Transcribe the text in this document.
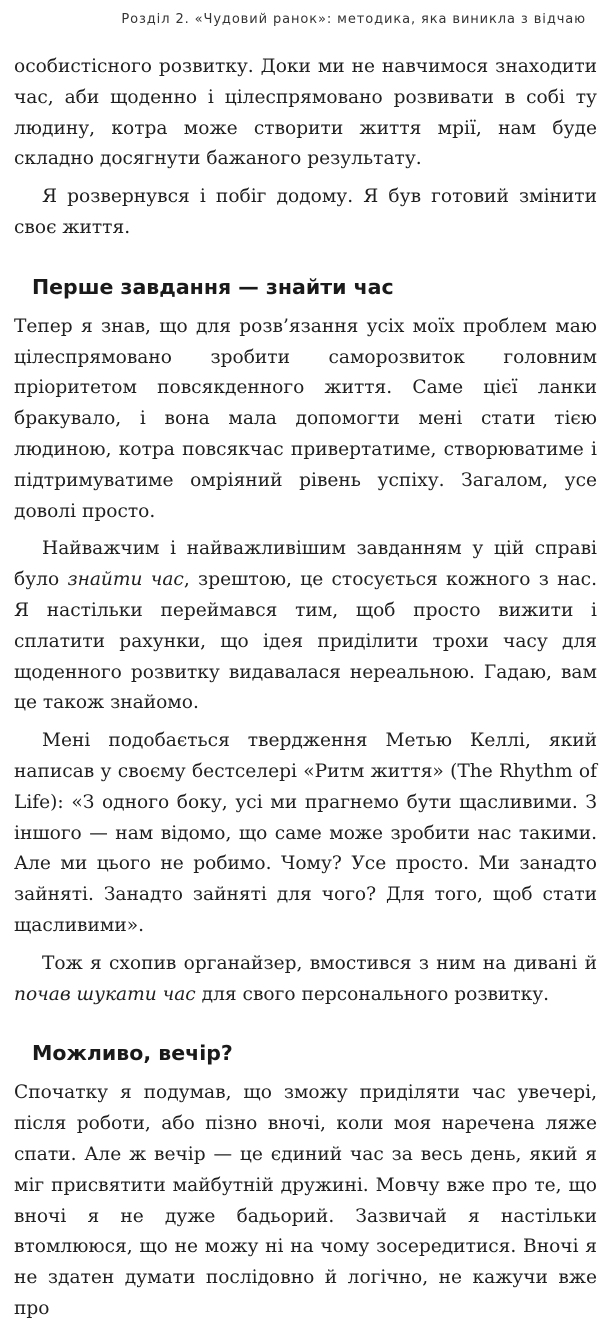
Розділ 2. «Чудовий ранок»: методика, яка виникла з відчаю

особистісного розвитку. Доки ми не навчимося знаходити час, аби щоденно і цілеспрямовано розвивати в собі ту людину, котра може створити життя мрії, нам буде складно досягнути бажаного результату.

Я розвернувся і побіг додому. Я був готовий змінити своє життя.

Перше завдання — знайти час

Тепер я знав, що для розв’язання усіх моїх проблем маю цілеспрямовано зробити саморозвиток головним пріоритетом повсякденного життя. Саме цієї ланки бракувало, і вона мала допомогти мені стати тією людиною, котра повсякчас привертатиме, створюватиме і підтримуватиме омріяний рівень успіху. Загалом, усе доволі просто.

Найважчим і найважливішим завданням у цій справі було знайти час, зрештою, це стосується кожного з нас. Я настільки переймався тим, щоб просто вижити і сплатити рахунки, що ідея приділити трохи часу для щоденного розвитку видавалася нереальною. Гадаю, вам це також знайомо.

Мені подобається твердження Метью Келлі, який написав у своєму бестселері «Ритм життя» (The Rhythm of Life): «З одного боку, усі ми прагнемо бути щасливими. З іншого — нам відомо, що саме може зробити нас такими. Але ми цього не робимо. Чому? Усе просто. Ми занадто зайняті. Занадто зайняті для чого? Для того, щоб стати щасливими».

Тож я схопив органайзер, вмостився з ним на дивані й почав шукати час для свого персонального розвитку.

Можливо, вечір?

Спочатку я подумав, що зможу приділяти час увечері, після роботи, або пізно вночі, коли моя наречена ляже спати. Але ж вечір — це єдиний час за весь день, який я міг присвятити майбутній дружині. Мовчу вже про те, що вночі я не дуже бадьорий. Зазвичай я настільки втомлююся, що не можу ні на чому зосередитися. Вночі я не здатен думати послідовно й логічно, не кажучи вже про
